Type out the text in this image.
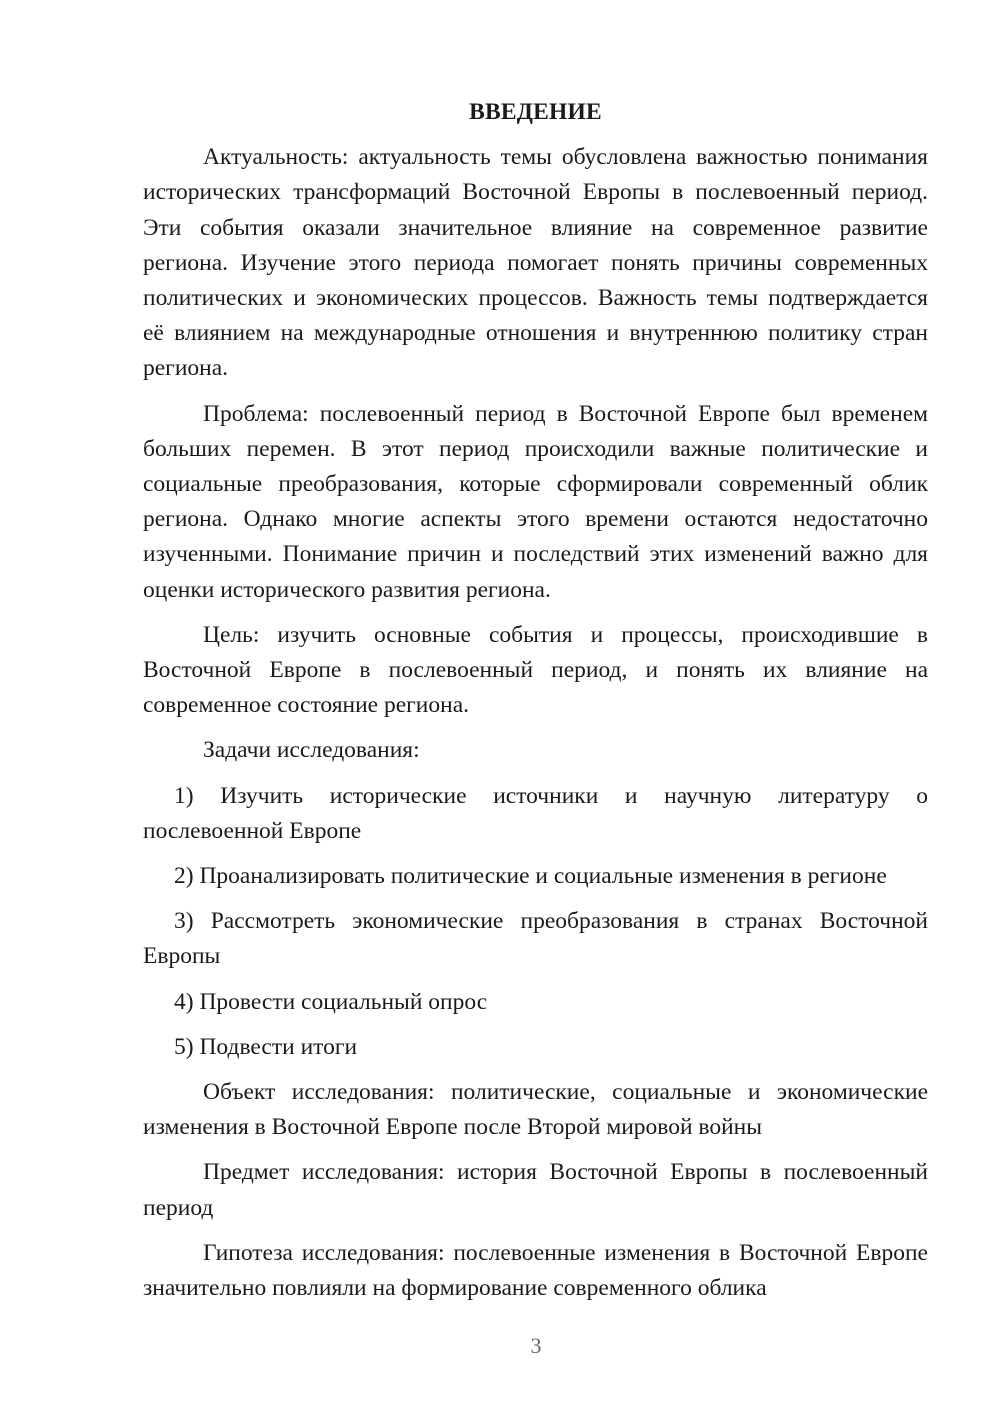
ВВЕДЕНИЕ

Актуальность: актуальность темы обусловлена важностью понимания исторических трансформаций Восточной Европы в послевоенный период. Эти события оказали значительное влияние на современное развитие региона. Изучение этого периода помогает понять причины современных политических и экономических процессов. Важность темы подтверждается её влиянием на международные отношения и внутреннюю политику стран региона.

Проблема: послевоенный период в Восточной Европе был временем больших перемен. В этот период происходили важные политические и социальные преобразования, которые сформировали современный облик региона. Однако многие аспекты этого времени остаются недостаточно изученными. Понимание причин и последствий этих изменений важно для оценки исторического развития региона.

Цель: изучить основные события и процессы, происходившие в Восточной Европе в послевоенный период, и понять их влияние на современное состояние региона.

Задачи исследования:

1) Изучить исторические источники и научную литературу о послевоенной Европе

2) Проанализировать политические и социальные изменения в регионе

3) Рассмотреть экономические преобразования в странах Восточной Европы

4) Провести социальный опрос

5) Подвести итоги

Объект исследования: политические, социальные и экономические изменения в Восточной Европе после Второй мировой войны

Предмет исследования: история Восточной Европы в послевоенный период

Гипотеза исследования: послевоенные изменения в Восточной Европе значительно повлияли на формирование современного облика

3
